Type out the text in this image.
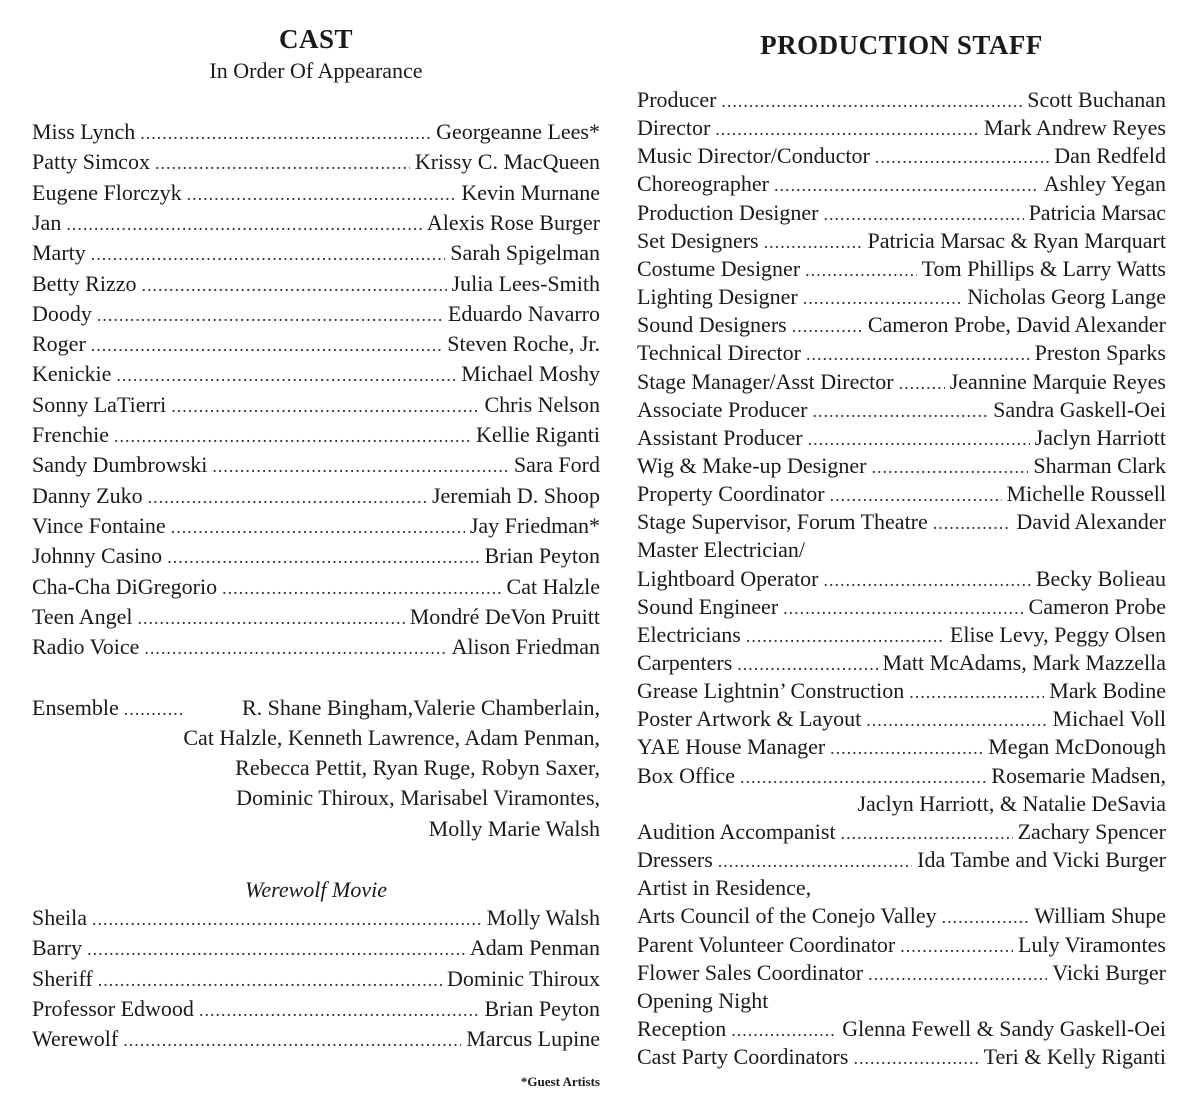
CAST
In Order Of Appearance
Miss Lynch .....	Georgeanne Lees*
Patty Simcox .....	Krissy C. MacQueen
Eugene Florczyk .....	Kevin Murnane
Jan .....	Alexis Rose Burger
Marty .....	Sarah Spigelman
Betty Rizzo .....	Julia Lees-Smith
Doody .....	Eduardo Navarro
Roger .....	Steven Roche, Jr.
Kenickie .....	Michael Moshy
Sonny LaTierri .....	Chris Nelson
Frenchie .....	Kellie Riganti
Sandy Dumbrowski .....	Sara Ford
Danny Zuko .....	Jeremiah D. Shoop
Vince Fontaine .....	Jay Friedman*
Johnny Casino .....	Brian Peyton
Cha-Cha DiGregorio .....	Cat Halzle
Teen Angel .....	Mondré DeVon Pruitt
Radio Voice .....	Alison Friedman
Ensemble .....	R. Shane Bingham,Valerie Chamberlain,
Cat Halzle, Kenneth Lawrence, Adam Penman,
Rebecca Pettit, Ryan Ruge, Robyn Saxer,
Dominic Thiroux, Marisabel Viramontes,
Molly Marie Walsh
Werewolf Movie
Sheila .....	Molly Walsh
Barry .....	Adam Penman
Sheriff .....	Dominic Thiroux
Professor Edwood .....	Brian Peyton
Werewolf .....	Marcus Lupine
*Guest Artists
PRODUCTION STAFF
Producer .....	Scott Buchanan
Director .....	Mark Andrew Reyes
Music Director/Conductor .....	Dan Redfeld
Choreographer .....	Ashley Yegan
Production Designer .....	Patricia Marsac
Set Designers .....	Patricia Marsac & Ryan Marquart
Costume Designer .....	Tom Phillips & Larry Watts
Lighting Designer .....	Nicholas Georg Lange
Sound Designers .....	Cameron Probe, David Alexander
Technical Director .....	Preston Sparks
Stage Manager/Asst Director .....	Jeannine Marquie Reyes
Associate Producer .....	Sandra Gaskell-Oei
Assistant Producer .....	Jaclyn Harriott
Wig & Make-up Designer .....	Sharman Clark
Property Coordinator .....	Michelle Roussell
Stage Supervisor, Forum Theatre .....	David Alexander
Master Electrician/
Lightboard Operator .....	Becky Bolieau
Sound Engineer .....	Cameron Probe
Electricians .....	Elise Levy, Peggy Olsen
Carpenters .....	Matt McAdams, Mark Mazzella
Grease Lightnin’ Construction .....	Mark Bodine
Poster Artwork & Layout .....	Michael Voll
YAE House Manager .....	Megan McDonough
Box Office .....	Rosemarie Madsen,
Jaclyn Harriott, & Natalie DeSavia
Audition Accompanist .....	Zachary Spencer
Dressers .....	Ida Tambe and Vicki Burger
Artist in Residence,
Arts Council of the Conejo Valley .....	William Shupe
Parent Volunteer Coordinator .....	Luly Viramontes
Flower Sales Coordinator .....	Vicki Burger
Opening Night
Reception .....	Glenna Fewell & Sandy Gaskell-Oei
Cast Party Coordinators .....	Teri & Kelly Riganti
